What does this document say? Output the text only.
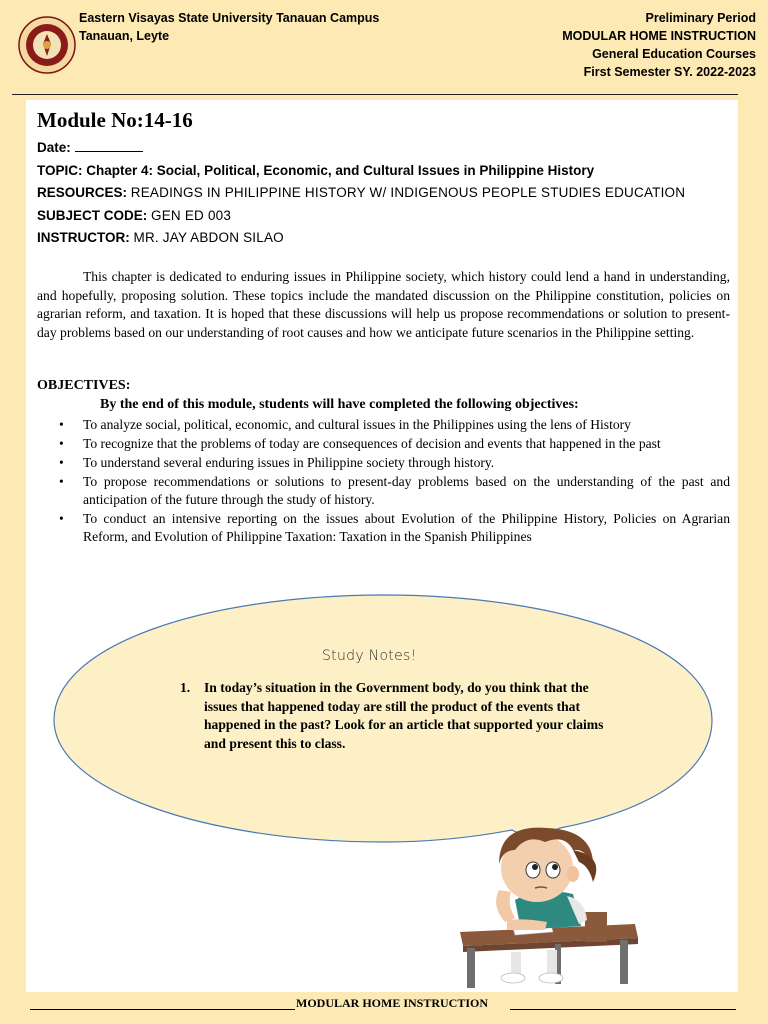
Eastern Visayas State University Tanauan Campus
Tanauan, Leyte
Preliminary Period
MODULAR HOME INSTRUCTION
General Education Courses
First Semester SY. 2022-2023
Module No:14-16
Date:
TOPIC: Chapter 4: Social, Political, Economic, and Cultural Issues in Philippine History
RESOURCES: READINGS IN PHILIPPINE HISTORY W/ INDIGENOUS PEOPLE STUDIES EDUCATION
SUBJECT CODE: GEN ED 003
INSTRUCTOR: MR. JAY ABDON SILAO
This chapter is dedicated to enduring issues in Philippine society, which history could lend a hand in understanding, and hopefully, proposing solution. These topics include the mandated discussion on the Philippine constitution, policies on agrarian reform, and taxation. It is hoped that these discussions will help us propose recommendations or solution to present-day problems based on our understanding of root causes and how we anticipate future scenarios in the Philippine setting.
OBJECTIVES:
By the end of this module, students will have completed the following objectives:
• To analyze social, political, economic, and cultural issues in the Philippines using the lens of History
• To recognize that the problems of today are consequences of decision and events that happened in the past
• To understand several enduring issues in Philippine society through history.
• To propose recommendations or solutions to present-day problems based on the understanding of the past and anticipation of the future through the study of history.
• To conduct an intensive reporting on the issues about Evolution of the Philippine History, Policies on Agrarian Reform, and Evolution of Philippine Taxation: Taxation in the Spanish Philippines
Study Notes!
1.	In today’s situation in the Government body, do you think that the issues that happened today are still the product of the events that happened in the past? Look for an article that supported your claims and present this to class.
MODULAR HOME INSTRUCTION
